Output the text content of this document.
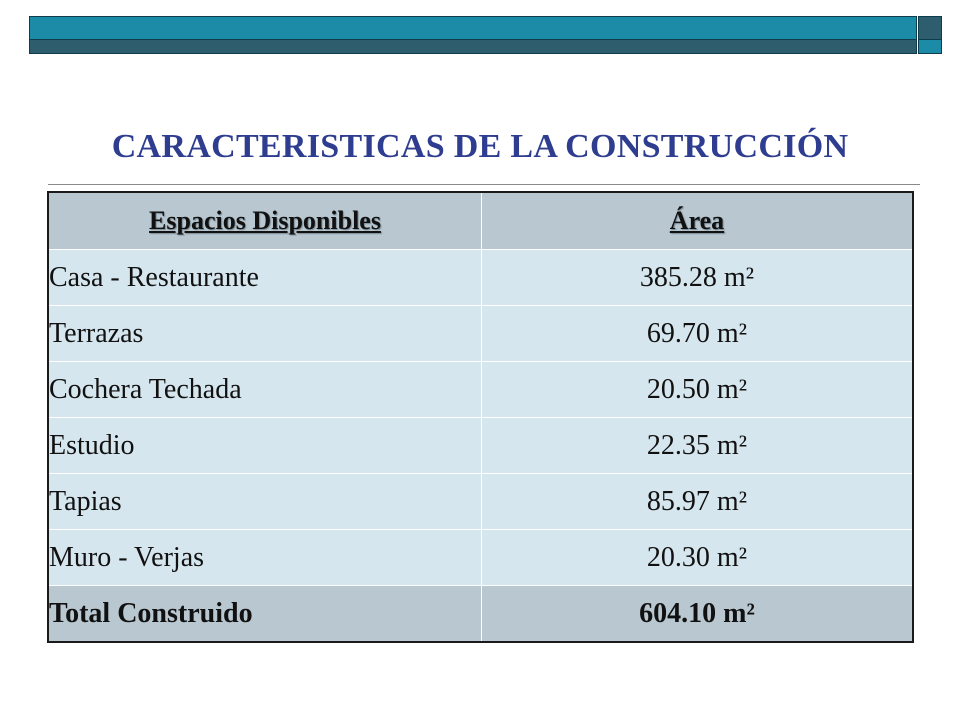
CARACTERISTICAS DE LA CONSTRUCCIÓN
Espacios Disponibles	Área
Casa - Restaurante	385.28 m²
Terrazas	69.70 m²
Cochera Techada	20.50 m²
Estudio	22.35 m²
Tapias	85.97 m²
Muro - Verjas	20.30 m²
Total Construido	604.10 m²
